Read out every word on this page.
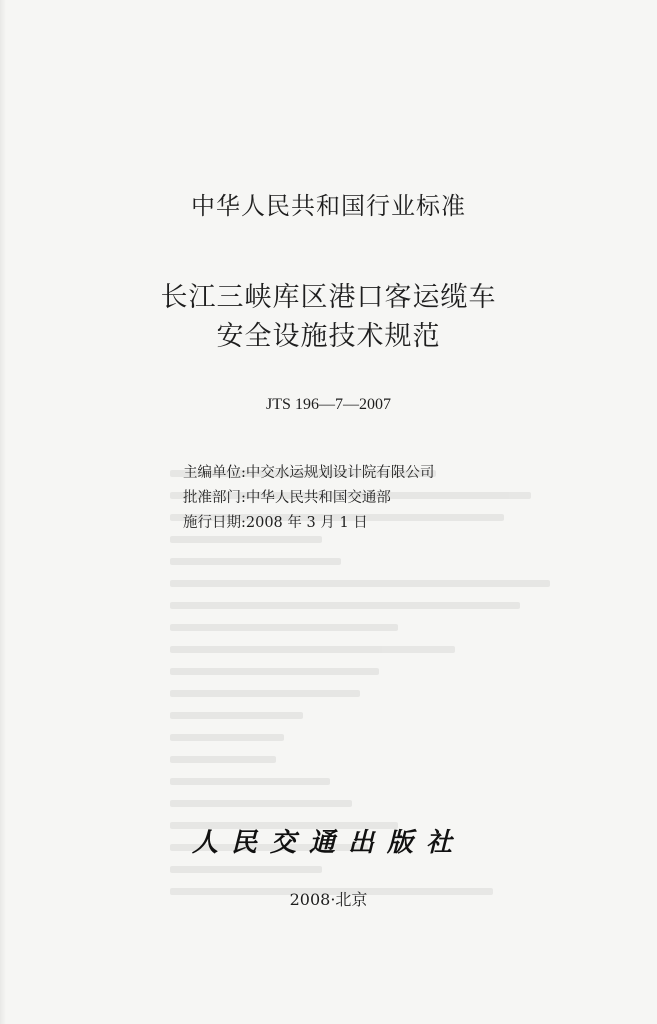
中华人民共和国行业标准
长江三峡库区港口客运缆车
安全设施技术规范
JTS 196—7—2007
主编单位:中交水运规划设计院有限公司
批准部门:中华人民共和国交通部
施行日期:2008 年 3 月 1 日
人民交通出版社
2008·北京
